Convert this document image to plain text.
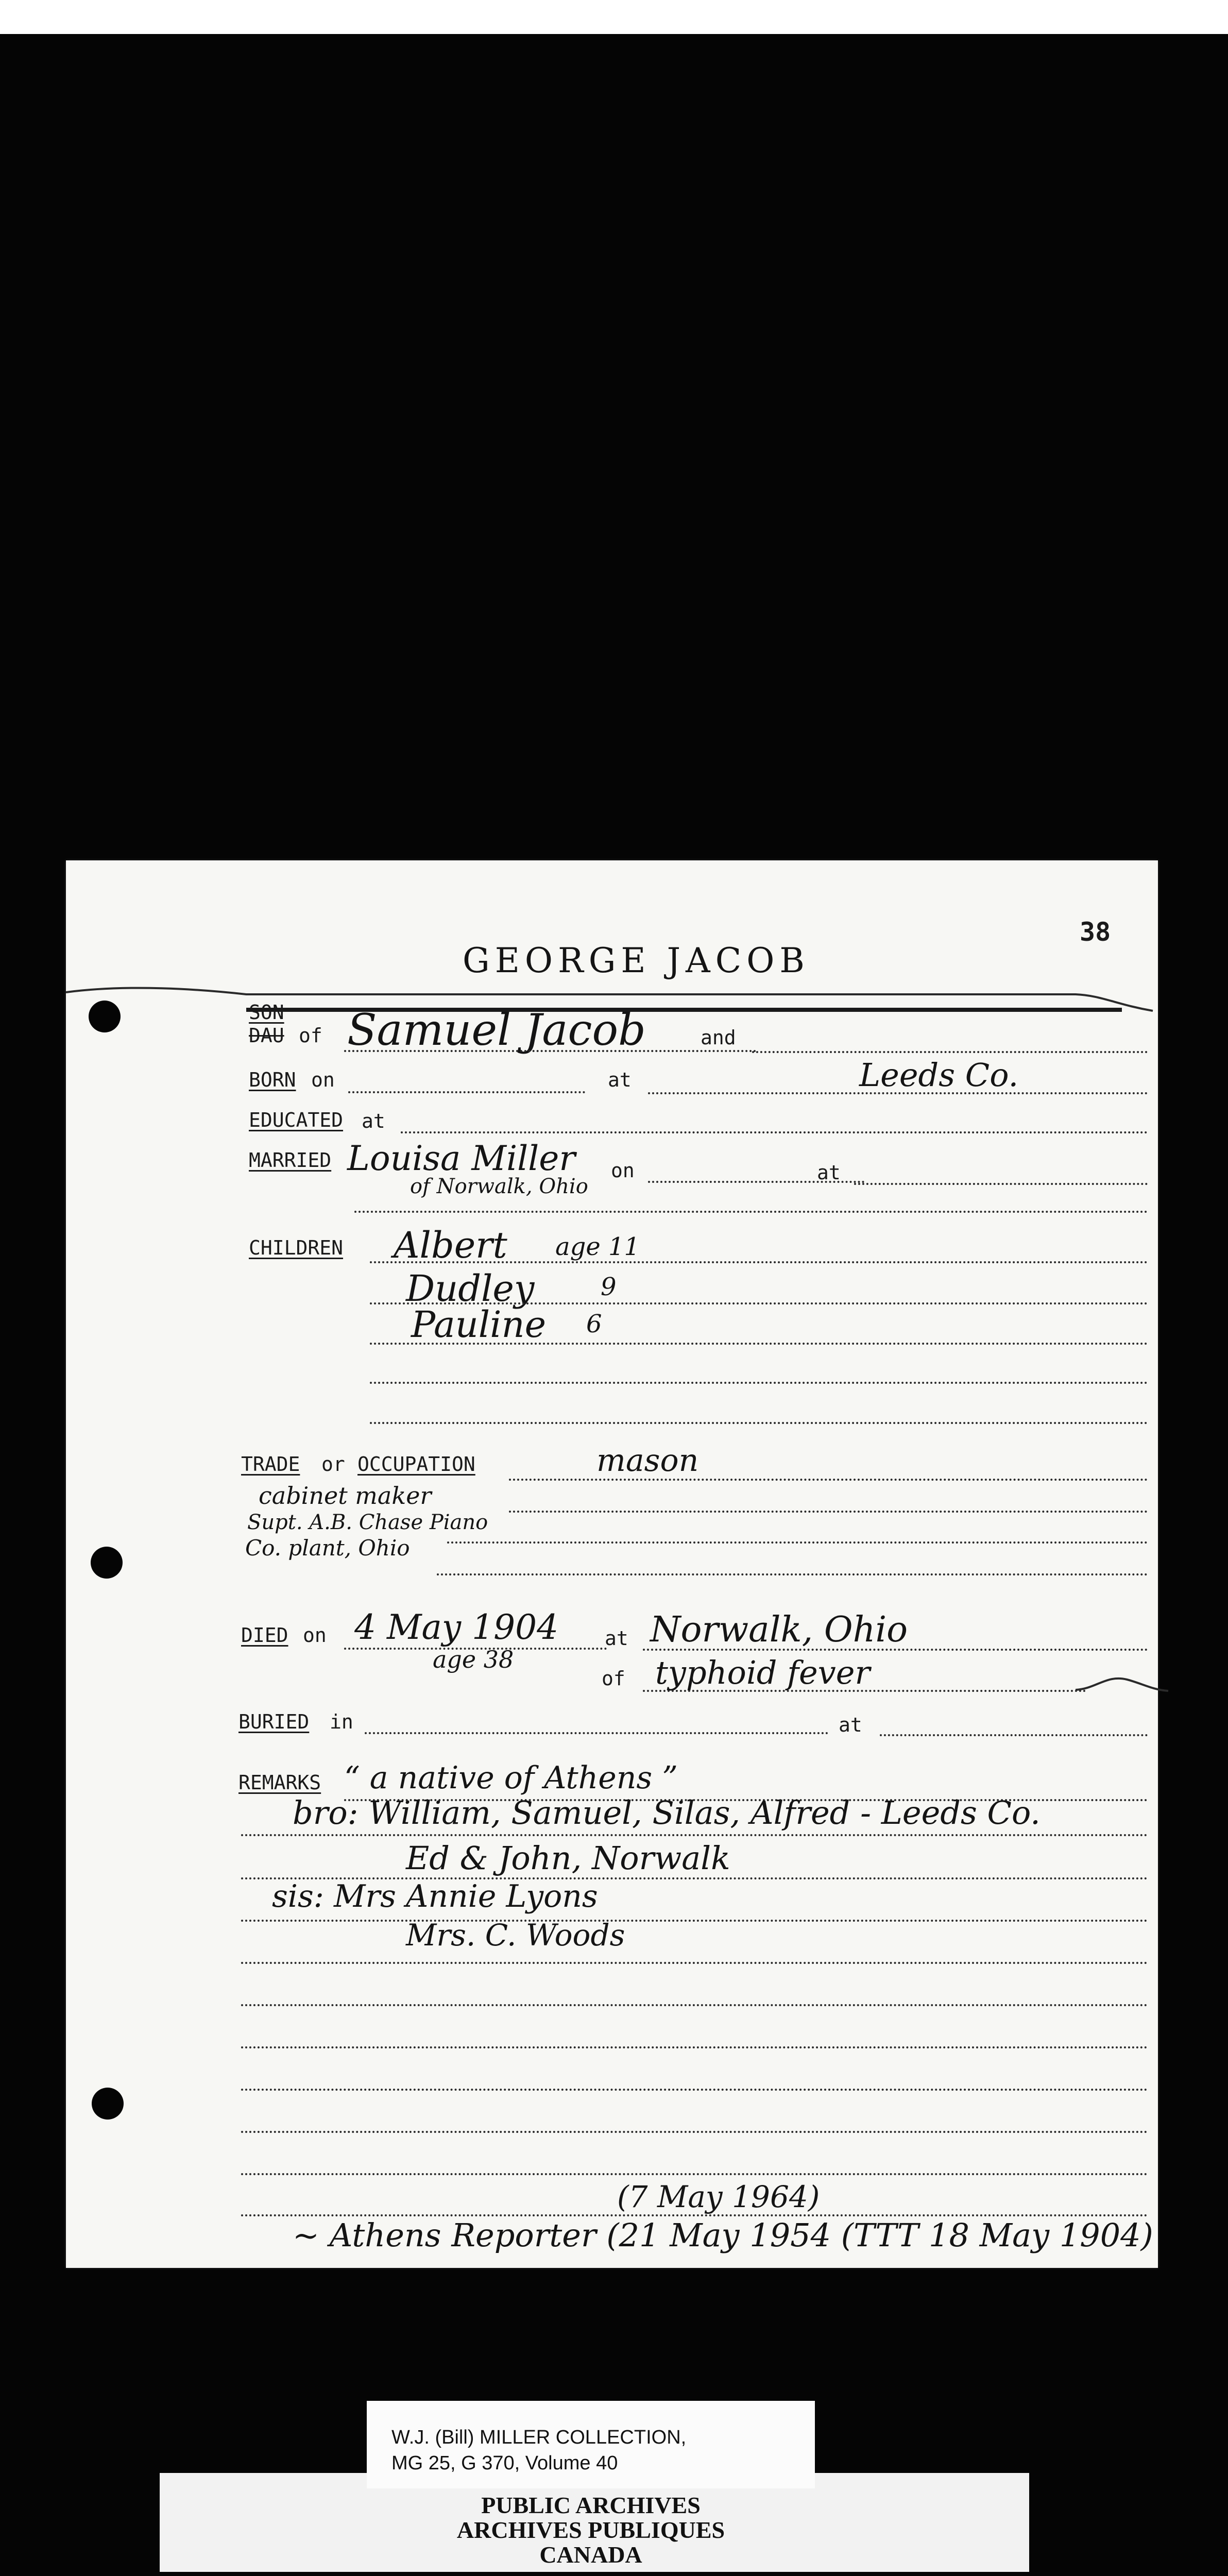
38
GEORGE JACOB
SON
DAU of Samuel Jacob	and
BORN on	at	Leeds Co.
EDUCATED at
MARRIED Louisa Miller
of Norwalk, Ohio
on	at
CHILDREN Albert age 11
Dudley	9
Pauline 6
TRADE or OCCUPATION	mason
cabinet maker
Supt. A.B. Chase Piano
Co. plant, Ohio
DIED on 4 May 1904
age 38
at Norwalk, Ohio
of typhoid fever
BURIED in	at
REMARKS “ a native of Athens ”
bro: William, Samuel, Silas, Alfred - Leeds Co.
Ed & John, Norwalk
sis: Mrs Annie Lyons
Mrs. C. Woods
(7 May 1964)
~ Athens Reporter (21 May 1954 (TTT 18 May 1904)
W.J. (Bill) MILLER COLLECTION,
MG 25, G 370, Volume 40
PUBLIC ARCHIVES
ARCHIVES PUBLIQUES
CANADA
